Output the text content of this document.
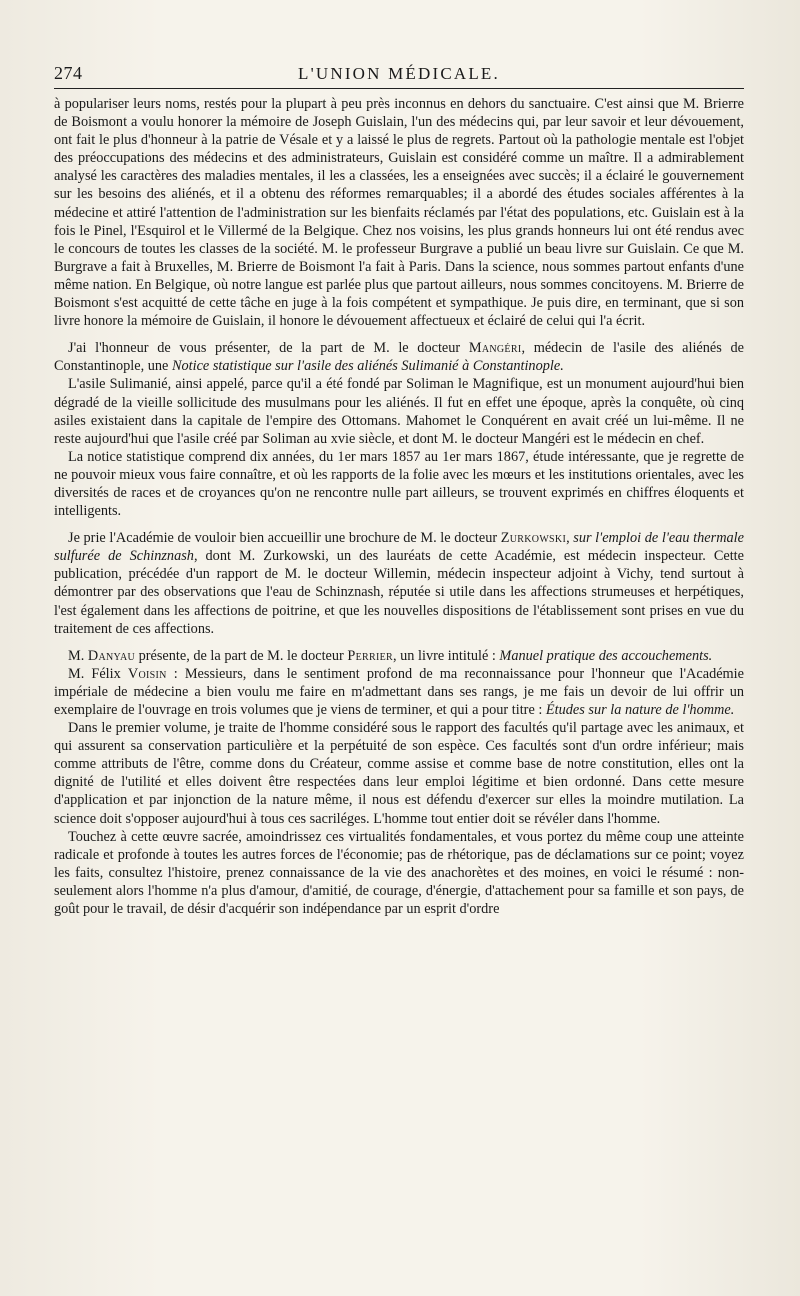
274	L'UNION MÉDICALE.

à populariser leurs noms, restés pour la plupart à peu près inconnus en dehors du sanctuaire. C'est ainsi que M. Brierre de Boismont a voulu honorer la mémoire de Joseph Guislain, l'un des médecins qui, par leur savoir et leur dévouement, ont fait le plus d'honneur à la patrie de Vésale et y a laissé le plus de regrets. Partout où la pathologie mentale est l'objet des préoccupations des médecins et des administrateurs, Guislain est considéré comme un maître. Il a admirablement analysé les caractères des maladies mentales, il les a classées, les a enseignées avec succès; il a éclairé le gouvernement sur les besoins des aliénés, et il a obtenu des réformes remarquables; il a abordé des études sociales afférentes à la médecine et attiré l'attention de l'administration sur les bienfaits réclamés par l'état des populations, etc. Guislain est à la fois le Pinel, l'Esquirol et le Villermé de la Belgique. Chez nos voisins, les plus grands honneurs lui ont été rendus avec le concours de toutes les classes de la société. M. le professeur Burgrave a publié un beau livre sur Guislain. Ce que M. Burgrave a fait à Bruxelles, M. Brierre de Boismont l'a fait à Paris. Dans la science, nous sommes partout enfants d'une même nation. En Belgique, où notre langue est parlée plus que partout ailleurs, nous sommes concitoyens. M. Brierre de Boismont s'est acquitté de cette tâche en juge à la fois compétent et sympathique. Je puis dire, en terminant, que si son livre honore la mémoire de Guislain, il honore le dévouement affectueux et éclairé de celui qui l'a écrit.

J'ai l'honneur de vous présenter, de la part de M. le docteur Mangéri, médecin de l'asile des aliénés de Constantinople, une Notice statistique sur l'asile des aliénés Sulimanié à Constantinople.

L'asile Sulimanié, ainsi appelé, parce qu'il a été fondé par Soliman le Magnifique, est un monument aujourd'hui bien dégradé de la vieille sollicitude des musulmans pour les aliénés. Il fut en effet une époque, après la conquête, où cinq asiles existaient dans la capitale de l'empire des Ottomans. Mahomet le Conquérent en avait créé un lui-même. Il ne reste aujourd'hui que l'asile créé par Soliman au xvie siècle, et dont M. le docteur Mangéri est le médecin en chef.

La notice statistique comprend dix années, du 1er mars 1857 au 1er mars 1867, étude intéressante, que je regrette de ne pouvoir mieux vous faire connaître, et où les rapports de la folie avec les mœurs et les institutions orientales, avec les diversités de races et de croyances qu'on ne rencontre nulle part ailleurs, se trouvent exprimés en chiffres éloquents et intelligents.

Je prie l'Académie de vouloir bien accueillir une brochure de M. le docteur Zurkowski, sur l'emploi de l'eau thermale sulfurée de Schinznash, dont M. Zurkowski, un des lauréats de cette Académie, est médecin inspecteur. Cette publication, précédée d'un rapport de M. le docteur Willemin, médecin inspecteur adjoint à Vichy, tend surtout à démontrer par des observations que l'eau de Schinznash, réputée si utile dans les affections strumeuses et herpétiques, l'est également dans les affections de poitrine, et que les nouvelles dispositions de l'établissement sont prises en vue du traitement de ces affections.

M. Danyau présente, de la part de M. le docteur Perrier, un livre intitulé : Manuel pratique des accouchements.

M. Félix Voisin : Messieurs, dans le sentiment profond de ma reconnaissance pour l'honneur que l'Académie impériale de médecine a bien voulu me faire en m'admettant dans ses rangs, je me fais un devoir de lui offrir un exemplaire de l'ouvrage en trois volumes que je viens de terminer, et qui a pour titre : Études sur la nature de l'homme.

Dans le premier volume, je traite de l'homme considéré sous le rapport des facultés qu'il partage avec les animaux, et qui assurent sa conservation particulière et la perpétuité de son espèce. Ces facultés sont d'un ordre inférieur; mais comme attributs de l'être, comme dons du Créateur, comme assise et comme base de notre constitution, elles ont la dignité de l'utilité et elles doivent être respectées dans leur emploi légitime et bien ordonné. Dans cette mesure d'application et par injonction de la nature même, il nous est défendu d'exercer sur elles la moindre mutilation. La science doit s'opposer aujourd'hui à tous ces sacriléges. L'homme tout entier doit se révéler dans l'homme.

Touchez à cette œuvre sacrée, amoindrissez ces virtualités fondamentales, et vous portez du même coup une atteinte radicale et profonde à toutes les autres forces de l'économie; pas de rhétorique, pas de déclamations sur ce point; voyez les faits, consultez l'histoire, prenez connaissance de la vie des anachorètes et des moines, en voici le résumé : non-seulement alors l'homme n'a plus d'amour, d'amitié, de courage, d'énergie, d'attachement pour sa famille et son pays, de goût pour le travail, de désir d'acquérir son indépendance par un esprit d'ordre
